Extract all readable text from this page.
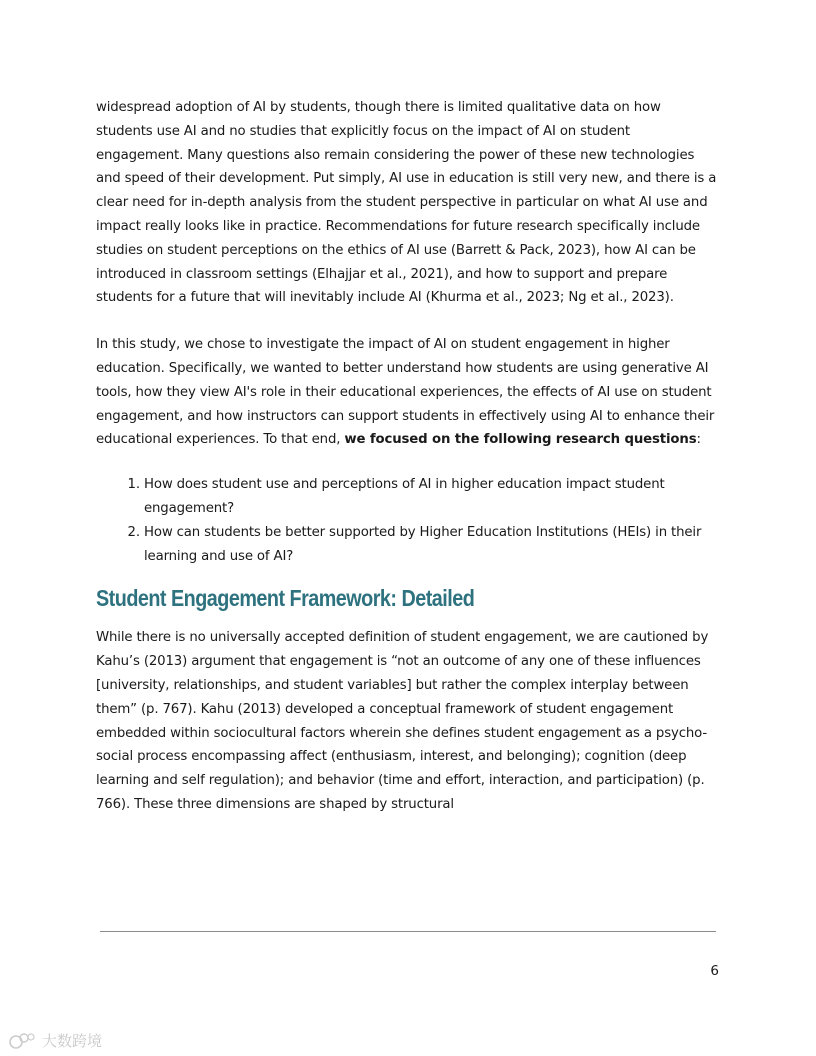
widespread adoption of AI by students, though there is limited qualitative data on how students use AI and no studies that explicitly focus on the impact of AI on student engagement. Many questions also remain considering the power of these new technologies and speed of their development. Put simply, AI use in education is still very new, and there is a clear need for in-depth analysis from the student perspective in particular on what AI use and impact really looks like in practice. Recommendations for future research specifically include studies on student perceptions on the ethics of AI use (Barrett & Pack, 2023), how AI can be introduced in classroom settings (Elhajjar et al., 2021), and how to support and prepare students for a future that will inevitably include AI (Khurma et al., 2023; Ng et al., 2023).

In this study, we chose to investigate the impact of AI on student engagement in higher education. Specifically, we wanted to better understand how students are using generative AI tools, how they view AI's role in their educational experiences, the effects of AI use on student engagement, and how instructors can support students in effectively using AI to enhance their educational experiences. To that end, we focused on the following research questions:

1. How does student use and perceptions of AI in higher education impact student engagement?
2. How can students be better supported by Higher Education Institutions (HEIs) in their learning and use of AI?
Student Engagement Framework: Detailed

While there is no universally accepted definition of student engagement, we are cautioned by Kahu’s (2013) argument that engagement is “not an outcome of any one of these influences [university, relationships, and student variables] but rather the complex interplay between them” (p. 767). Kahu (2013) developed a conceptual framework of student engagement embedded within sociocultural factors wherein she defines student engagement as a psycho-social process encompassing affect (enthusiasm, interest, and belonging); cognition (deep learning and self regulation); and behavior (time and effort, interaction, and participation) (p. 766). These three dimensions are shaped by structural

6
大数跨境
